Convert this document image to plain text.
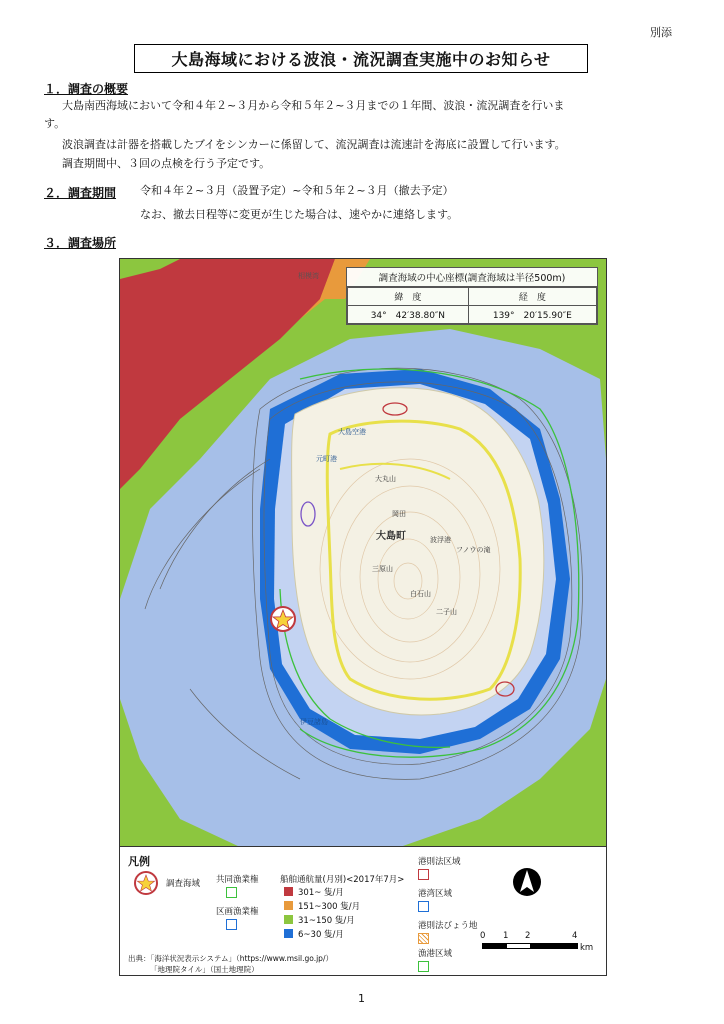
別添
大島海域における波浪・流況調査実施中のお知らせ
１．調査の概要
大島南西海域において令和４年２~３月から令和５年２~３月までの１年間、波浪・流況調査を行いま
す。
波浪調査は計器を搭載したブイをシンカーに係留して、流況調査は流速計を海底に設置して行います。
調査期間中、３回の点検を行う予定です。
２．調査期間 令和４年２~３月（設置予定）~令和５年２~３月（撤去予定）
なお、撤去日程等に変更が生じた場合は、速やかに連絡します。
３．調査場所
相模湾
大島空港
元町港
大丸山
大島町
岡田
三原山
白石山
二子山
フノウの滝
波浮港
伊豆諸島
調査海域の中心座標(調査海域は半径500m)
緯　度	経　度
34°　42′38.80″N	139°　20′15.90″E
凡例
調査海域 共同漁業権
区画漁業権
船舶通航量(月別)<2017年7月>
301~ 隻/月
151~300 隻/月
31~150 隻/月
6~30 隻/月
港則法区域
港湾区域
港則法びょう地
漁港区域
0 1 2	4
km
出典：「海洋状況表示システム」（https://www.msil.go.jp/）
「地理院タイル」（国土地理院）
1
